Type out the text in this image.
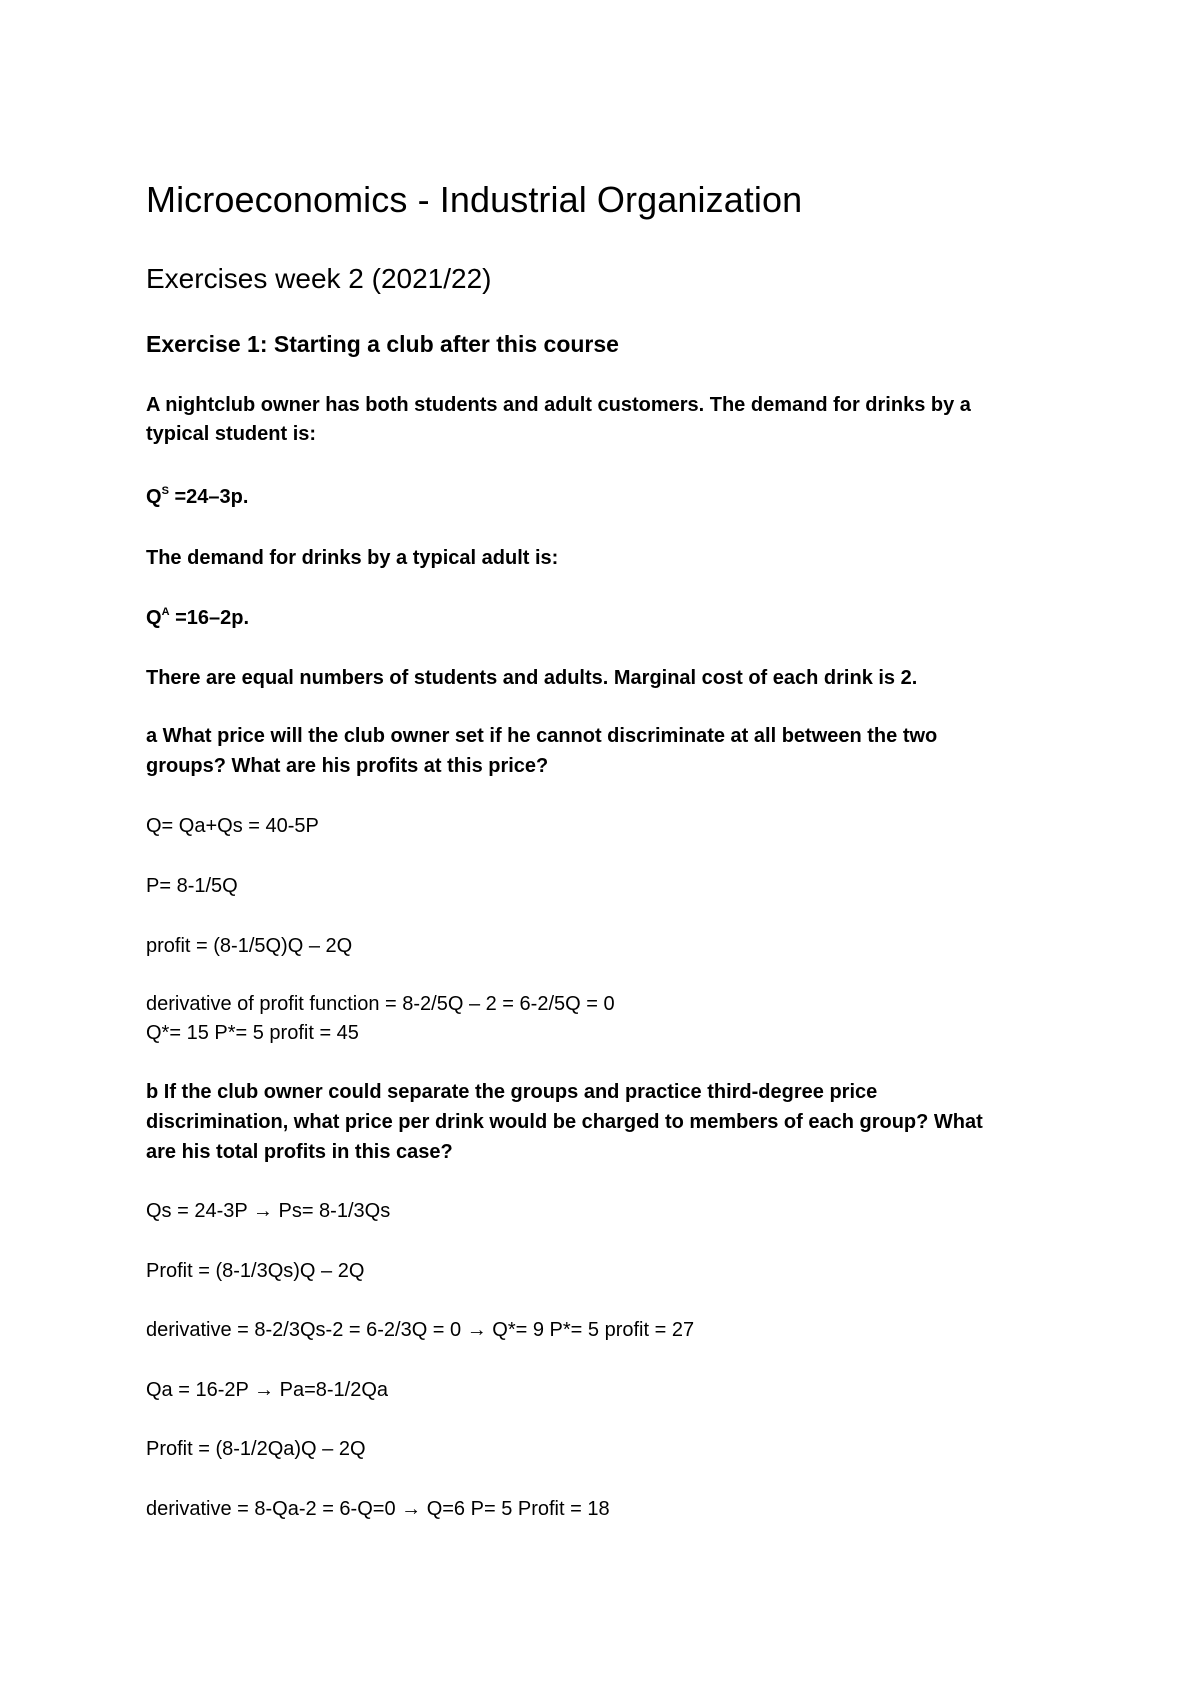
Microeconomics - Industrial Organization
Exercises week 2 (2021/22)
Exercise 1: Starting a club after this course
A nightclub owner has both students and adult customers. The demand for drinks by a
typical student is:
$Q^S =24-3p$.
The demand for drinks by a typical adult is:
$Q^A =16-2p$.
There are equal numbers of students and adults. Marginal cost of each drink is 2.
a What price will the club owner set if he cannot discriminate at all between the two
groups? What are his profits at this price?
Q= Qa+Qs = 40-5P
P= 8-1/5Q
profit = (8-1/5Q)Q – 2Q
derivative of profit function = 8-2/5Q – 2 = 6-2/5Q = 0
Q*= 15 P*= 5 profit = 45
b If the club owner could separate the groups and practice third-degree price
discrimination, what price per drink would be charged to members of each group? What
are his total profits in this case?
Qs = 24-3P → Ps= 8-1/3Qs
Profit = (8-1/3Qs)Q – 2Q
derivative = 8-2/3Qs-2 = 6-2/3Q = 0 → Q*= 9 P*= 5 profit = 27
Qa = 16-2P → Pa=8-1/2Qa
Profit = (8-1/2Qa)Q – 2Q
derivative = 8-Qa-2 = 6-Q=0 → Q=6 P= 5 Profit = 18
